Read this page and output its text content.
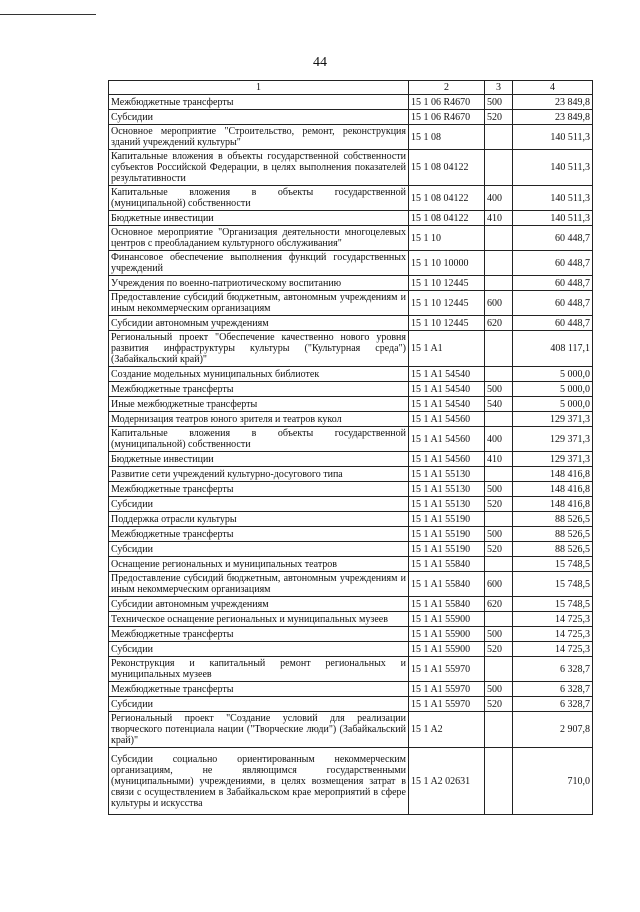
44
1	2	3	4
Межбюджетные трансферты	15 1 06 R4670	500	23 849,8
Субсидии	15 1 06 R4670	520	23 849,8
Основное мероприятие "Строительство, ремонт, реконструкция зданий учреждений культуры"	15 1 08		140 511,3
Капитальные вложения в объекты государственной собственности субъектов Российской Федерации, в целях выполнения показателей результативности	15 1 08 04122		140 511,3
Капитальные вложения в объекты государственной (муниципальной) собственности	15 1 08 04122	400	140 511,3
Бюджетные инвестиции	15 1 08 04122	410	140 511,3
Основное мероприятие "Организация деятельности многоцелевых центров с преобладанием культурного обслуживания"	15 1 10		60 448,7
Финансовое обеспечение выполнения функций государственных учреждений	15 1 10 10000		60 448,7
Учреждения по военно-патриотическому воспитанию	15 1 10 12445		60 448,7
Предоставление субсидий бюджетным, автономным учреждениям и иным некоммерческим организациям	15 1 10 12445	600	60 448,7
Субсидии автономным учреждениям	15 1 10 12445	620	60 448,7
Региональный проект "Обеспечение качественно нового уровня развития инфраструктуры культуры ("Культурная среда") (Забайкальский край)"	15 1 A1		408 117,1
Создание модельных муниципальных библиотек	15 1 A1 54540		5 000,0
Межбюджетные трансферты	15 1 A1 54540	500	5 000,0
Иные межбюджетные трансферты	15 1 A1 54540	540	5 000,0
Модернизация театров юного зрителя и театров кукол	15 1 A1 54560		129 371,3
Капитальные вложения в объекты государственной (муниципальной) собственности	15 1 A1 54560	400	129 371,3
Бюджетные инвестиции	15 1 A1 54560	410	129 371,3
Развитие сети учреждений культурно-досугового типа	15 1 A1 55130		148 416,8
Межбюджетные трансферты	15 1 A1 55130	500	148 416,8
Субсидии	15 1 A1 55130	520	148 416,8
Поддержка отрасли культуры	15 1 A1 55190		88 526,5
Межбюджетные трансферты	15 1 A1 55190	500	88 526,5
Субсидии	15 1 A1 55190	520	88 526,5
Оснащение региональных и муниципальных театров	15 1 A1 55840		15 748,5
Предоставление субсидий бюджетным, автономным учреждениям и иным некоммерческим организациям	15 1 A1 55840	600	15 748,5
Субсидии автономным учреждениям	15 1 A1 55840	620	15 748,5
Техническое оснащение региональных и муниципальных музеев	15 1 A1 55900		14 725,3
Межбюджетные трансферты	15 1 A1 55900	500	14 725,3
Субсидии	15 1 A1 55900	520	14 725,3
Реконструкция и капитальный ремонт региональных и муниципальных музеев	15 1 A1 55970		6 328,7
Межбюджетные трансферты	15 1 A1 55970	500	6 328,7
Субсидии	15 1 A1 55970	520	6 328,7
Региональный проект "Создание условий для реализации творческого потенциала нации ("Творческие люди") (Забайкальский край)"	15 1 A2		2 907,8
Субсидии социально ориентированным некоммерческим организациям, не являющимся государственными (муниципальными) учреждениями, в целях возмещения затрат в связи с осуществлением в Забайкальском крае мероприятий в сфере культуры и искусства	15 1 A2 02631		710,0
